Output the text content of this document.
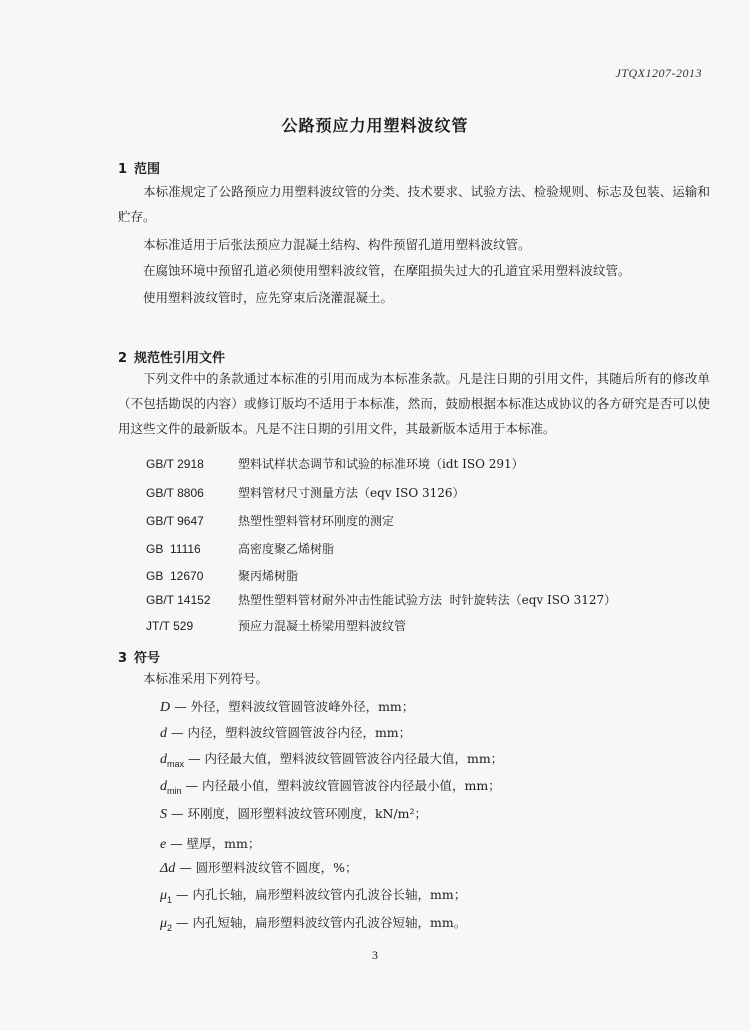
JTQX1207-2013
公路预应力用塑料波纹管
1 范围
本标准规定了公路预应力用塑料波纹管的分类、技术要求、试验方法、检验规则、标志及包装、运输和贮存。
本标准适用于后张法预应力混凝土结构、构件预留孔道用塑料波纹管。
在腐蚀环境中预留孔道必须使用塑料波纹管，在摩阻损失过大的孔道宜采用塑料波纹管。
使用塑料波纹管时，应先穿束后浇灌混凝土。
2 规范性引用文件
下列文件中的条款通过本标准的引用而成为本标准条款。凡是注日期的引用文件，其随后所有的修改单（不包括勘误的内容）或修订版均不适用于本标准，然而，鼓励根据本标准达成协议的各方研究是否可以使用这些文件的最新版本。凡是不注日期的引用文件，其最新版本适用于本标准。
GB/T 2918	塑料试样状态调节和试验的标准环境（idt ISO 291）
GB/T 8806	塑料管材尺寸测量方法（eqv ISO 3126）
GB/T 9647	热塑性塑料管材环刚度的测定
GB  11116	高密度聚乙烯树脂
GB  12670	聚丙烯树脂
GB/T 14152 热塑性塑料管材耐外冲击性能试验方法  时针旋转法（eqv ISO 3127）
JT/T 529	预应力混凝土桥梁用塑料波纹管
3 符号
本标准采用下列符号。
D — 外径，塑料波纹管圆管波峰外径，mm；
d — 内径，塑料波纹管圆管波谷内径，mm；
$d_{max}$ — 内径最大值，塑料波纹管圆管波谷内径最大值，mm；
$d_{min}$ — 内径最小值，塑料波纹管圆管波谷内径最小值，mm；
S — 环刚度，圆形塑料波纹管环刚度，kN/m²；
e — 壁厚，mm；
Δd — 圆形塑料波纹管不圆度，%；
$\mu_1$ — 内孔长轴，扁形塑料波纹管内孔波谷长轴，mm；
$\mu_2$ — 内孔短轴，扁形塑料波纹管内孔波谷短轴，mm。
3
